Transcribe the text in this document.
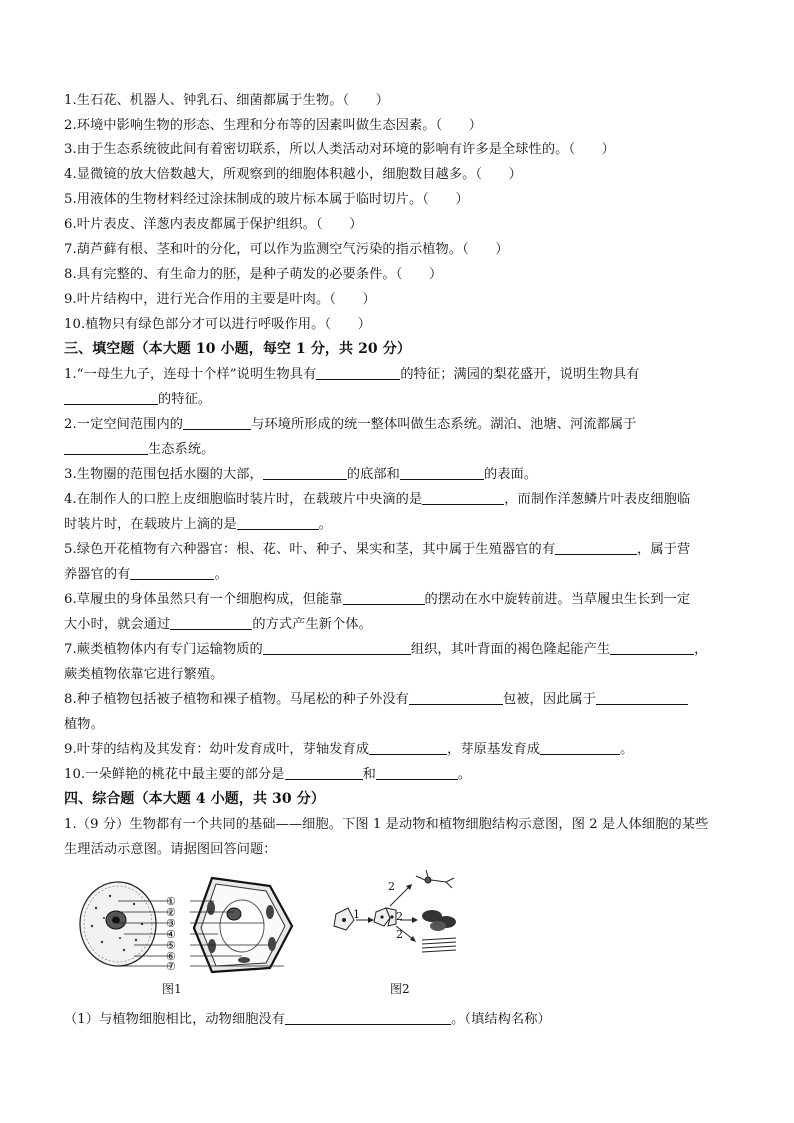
1.生石花、机器人、钟乳石、细菌都属于生物。（　　）
2.环境中影响生物的形态、生理和分布等的因素叫做生态因素。（　　）
3.由于生态系统彼此间有着密切联系，所以人类活动对环境的影响有许多是全球性的。（　　）
4.显微镜的放大倍数越大，所观察到的细胞体积越小，细胞数目越多。（　　）
5.用液体的生物材料经过涂抹制成的玻片标本属于临时切片。（　　）
6.叶片表皮、洋葱内表皮都属于保护组织。（　　）
7.葫芦藓有根、茎和叶的分化，可以作为监测空气污染的指示植物。（　　）
8.具有完整的、有生命力的胚，是种子萌发的必要条件。（　　）
9.叶片结构中，进行光合作用的主要是叶肉。（　　）
10.植物只有绿色部分才可以进行呼吸作用。（　　）
三、填空题（本大题 10 小题，每空 1 分，共 20 分）
1.“一母生九子，连母十个样”说明生物具有	的特征；满园的梨花盛开，说明生物具有
的特征。
2.一定空间范围内的	与环境所形成的统一整体叫做生态系统。湖泊、池塘、河流都属于
生态系统。
3.生物圈的范围包括水圈的大部，	的底部和	的表面。
4.在制作人的口腔上皮细胞临时装片时，在载玻片中央滴的是	，而制作洋葱鳞片叶表皮细胞临
时装片时，在载玻片上滴的是	。
5.绿色开花植物有六种器官：根、花、叶、种子、果实和茎，其中属于生殖器官的有	，属于营
养器官的有	。
6.草履虫的身体虽然只有一个细胞构成，但能靠	的摆动在水中旋转前进。当草履虫生长到一定
大小时，就会通过	的方式产生新个体。
7.蕨类植物体内有专门运输物质的	组织，其叶背面的褐色隆起能产生	，
蕨类植物依靠它进行繁殖。
8.种子植物包括被子植物和裸子植物。马尾松的种子外没有	包被，因此属于
植物。
9.叶芽的结构及其发育：幼叶发育成叶，芽轴发育成	，芽原基发育成	。
10.一朵鲜艳的桃花中最主要的部分是	和	。
四、综合题（本大题 4 小题，共 30 分）
1.（9 分）生物都有一个共同的基础——细胞。下图 1 是动物和植物细胞结构示意图，图 2 是人体细胞的某些
生理活动示意图。请据图回答问题：
①
②
③
④
⑤
⑥
⑦
图1
1
2
2
2
图2
（1）与植物细胞相比，动物细胞没有	。（填结构名称）
